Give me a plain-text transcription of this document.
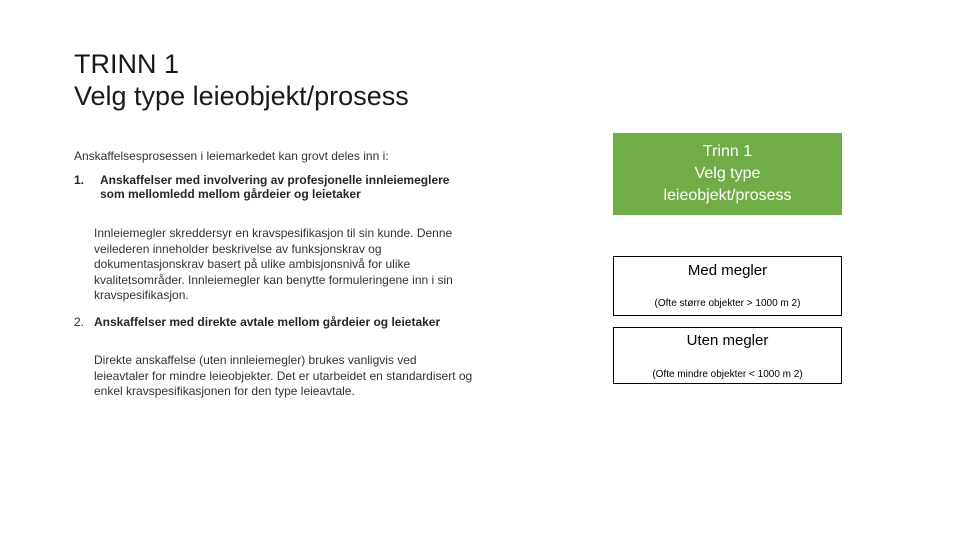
TRINN 1
Velg type leieobjekt/prosess
Anskaffelsesprosessen i leiemarkedet kan grovt deles inn i:
1. Anskaffelser med involvering av profesjonelle innleiemeglere som mellomledd mellom gårdeier og leietaker
Innleiemegler skreddersyr en kravspesifikasjon til sin kunde. Denne veilederen inneholder beskrivelse av funksjonskrav og dokumentasjonskrav basert på ulike ambisjonsnivå for ulike kvalitetsområder. Innleiemegler kan benytte formuleringene inn i sin kravspesifikasjon.
2. Anskaffelser med direkte avtale mellom gårdeier og leietaker
Direkte anskaffelse (uten innleiemegler) brukes vanligvis ved leieavtaler for mindre leieobjekter. Det er utarbeidet en standardisert og enkel kravspesifikasjonen for den type leieavtale.
Trinn 1
Velg type
leieobjekt/prosess
Med megler
(Ofte større objekter > 1000 m 2)
Uten megler
(Ofte mindre objekter < 1000 m 2)
